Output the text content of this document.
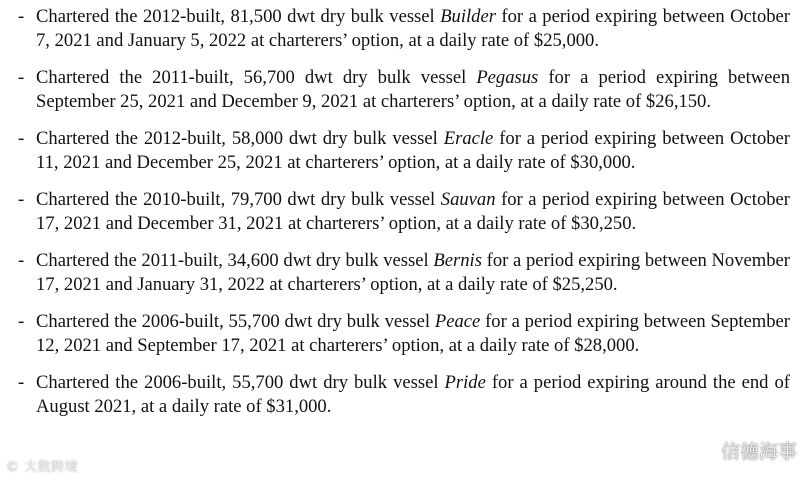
- Chartered the 2012-built, 81,500 dwt dry bulk vessel Builder for a period expiring between October 7, 2021 and January 5, 2022 at charterers’ option, at a daily rate of $25,000.
- Chartered the 2011-built, 56,700 dwt dry bulk vessel Pegasus for a period expiring between September 25, 2021 and December 9, 2021 at charterers’ option, at a daily rate of $26,150.
- Chartered the 2012-built, 58,000 dwt dry bulk vessel Eracle for a period expiring between October 11, 2021 and December 25, 2021 at charterers’ option, at a daily rate of $30,000.
- Chartered the 2010-built, 79,700 dwt dry bulk vessel Sauvan for a period expiring between October 17, 2021 and December 31, 2021 at charterers’ option, at a daily rate of $30,250.
- Chartered the 2011-built, 34,600 dwt dry bulk vessel Bernis for a period expiring between November 17, 2021 and January 31, 2022 at charterers’ option, at a daily rate of $25,250.
- Chartered the 2006-built, 55,700 dwt dry bulk vessel Peace for a period expiring between September 12, 2021 and September 17, 2021 at charterers’ option, at a daily rate of $28,000.
- Chartered the 2006-built, 55,700 dwt dry bulk vessel Pride for a period expiring around the end of August 2021, at a daily rate of $31,000.
© 大数跨境
信德海事
